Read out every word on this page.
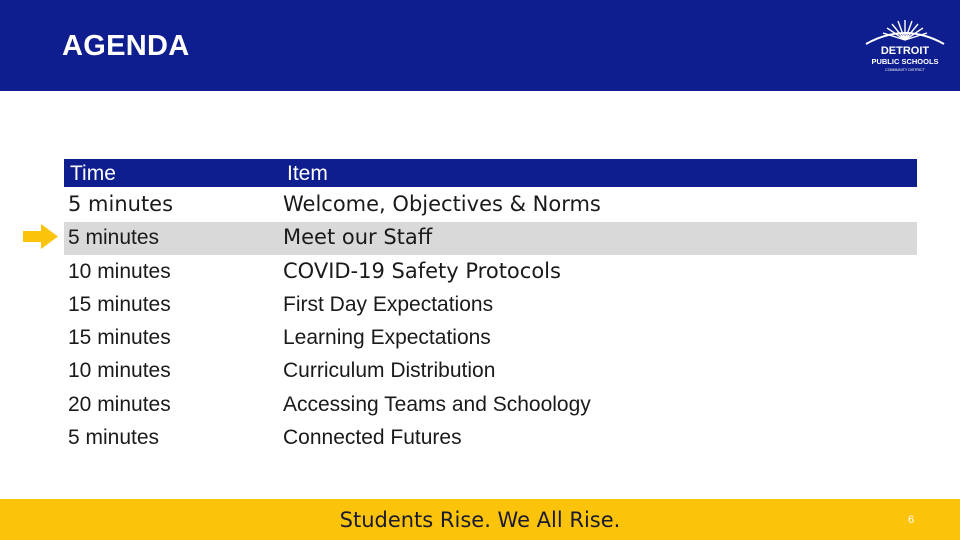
AGENDA	DETROIT
PUBLIC SCHOOLS
COMMUNITY DISTRICT
Time	Item
5 minutes	Welcome, Objectives & Norms
5 minutes	Meet our Staff
10 minutes	COVID-19 Safety Protocols
15 minutes	First Day Expectations
15 minutes	Learning Expectations
10 minutes	Curriculum Distribution
20 minutes	Accessing Teams and Schoology
5 minutes	Connected Futures
Students Rise. We All Rise.	6
